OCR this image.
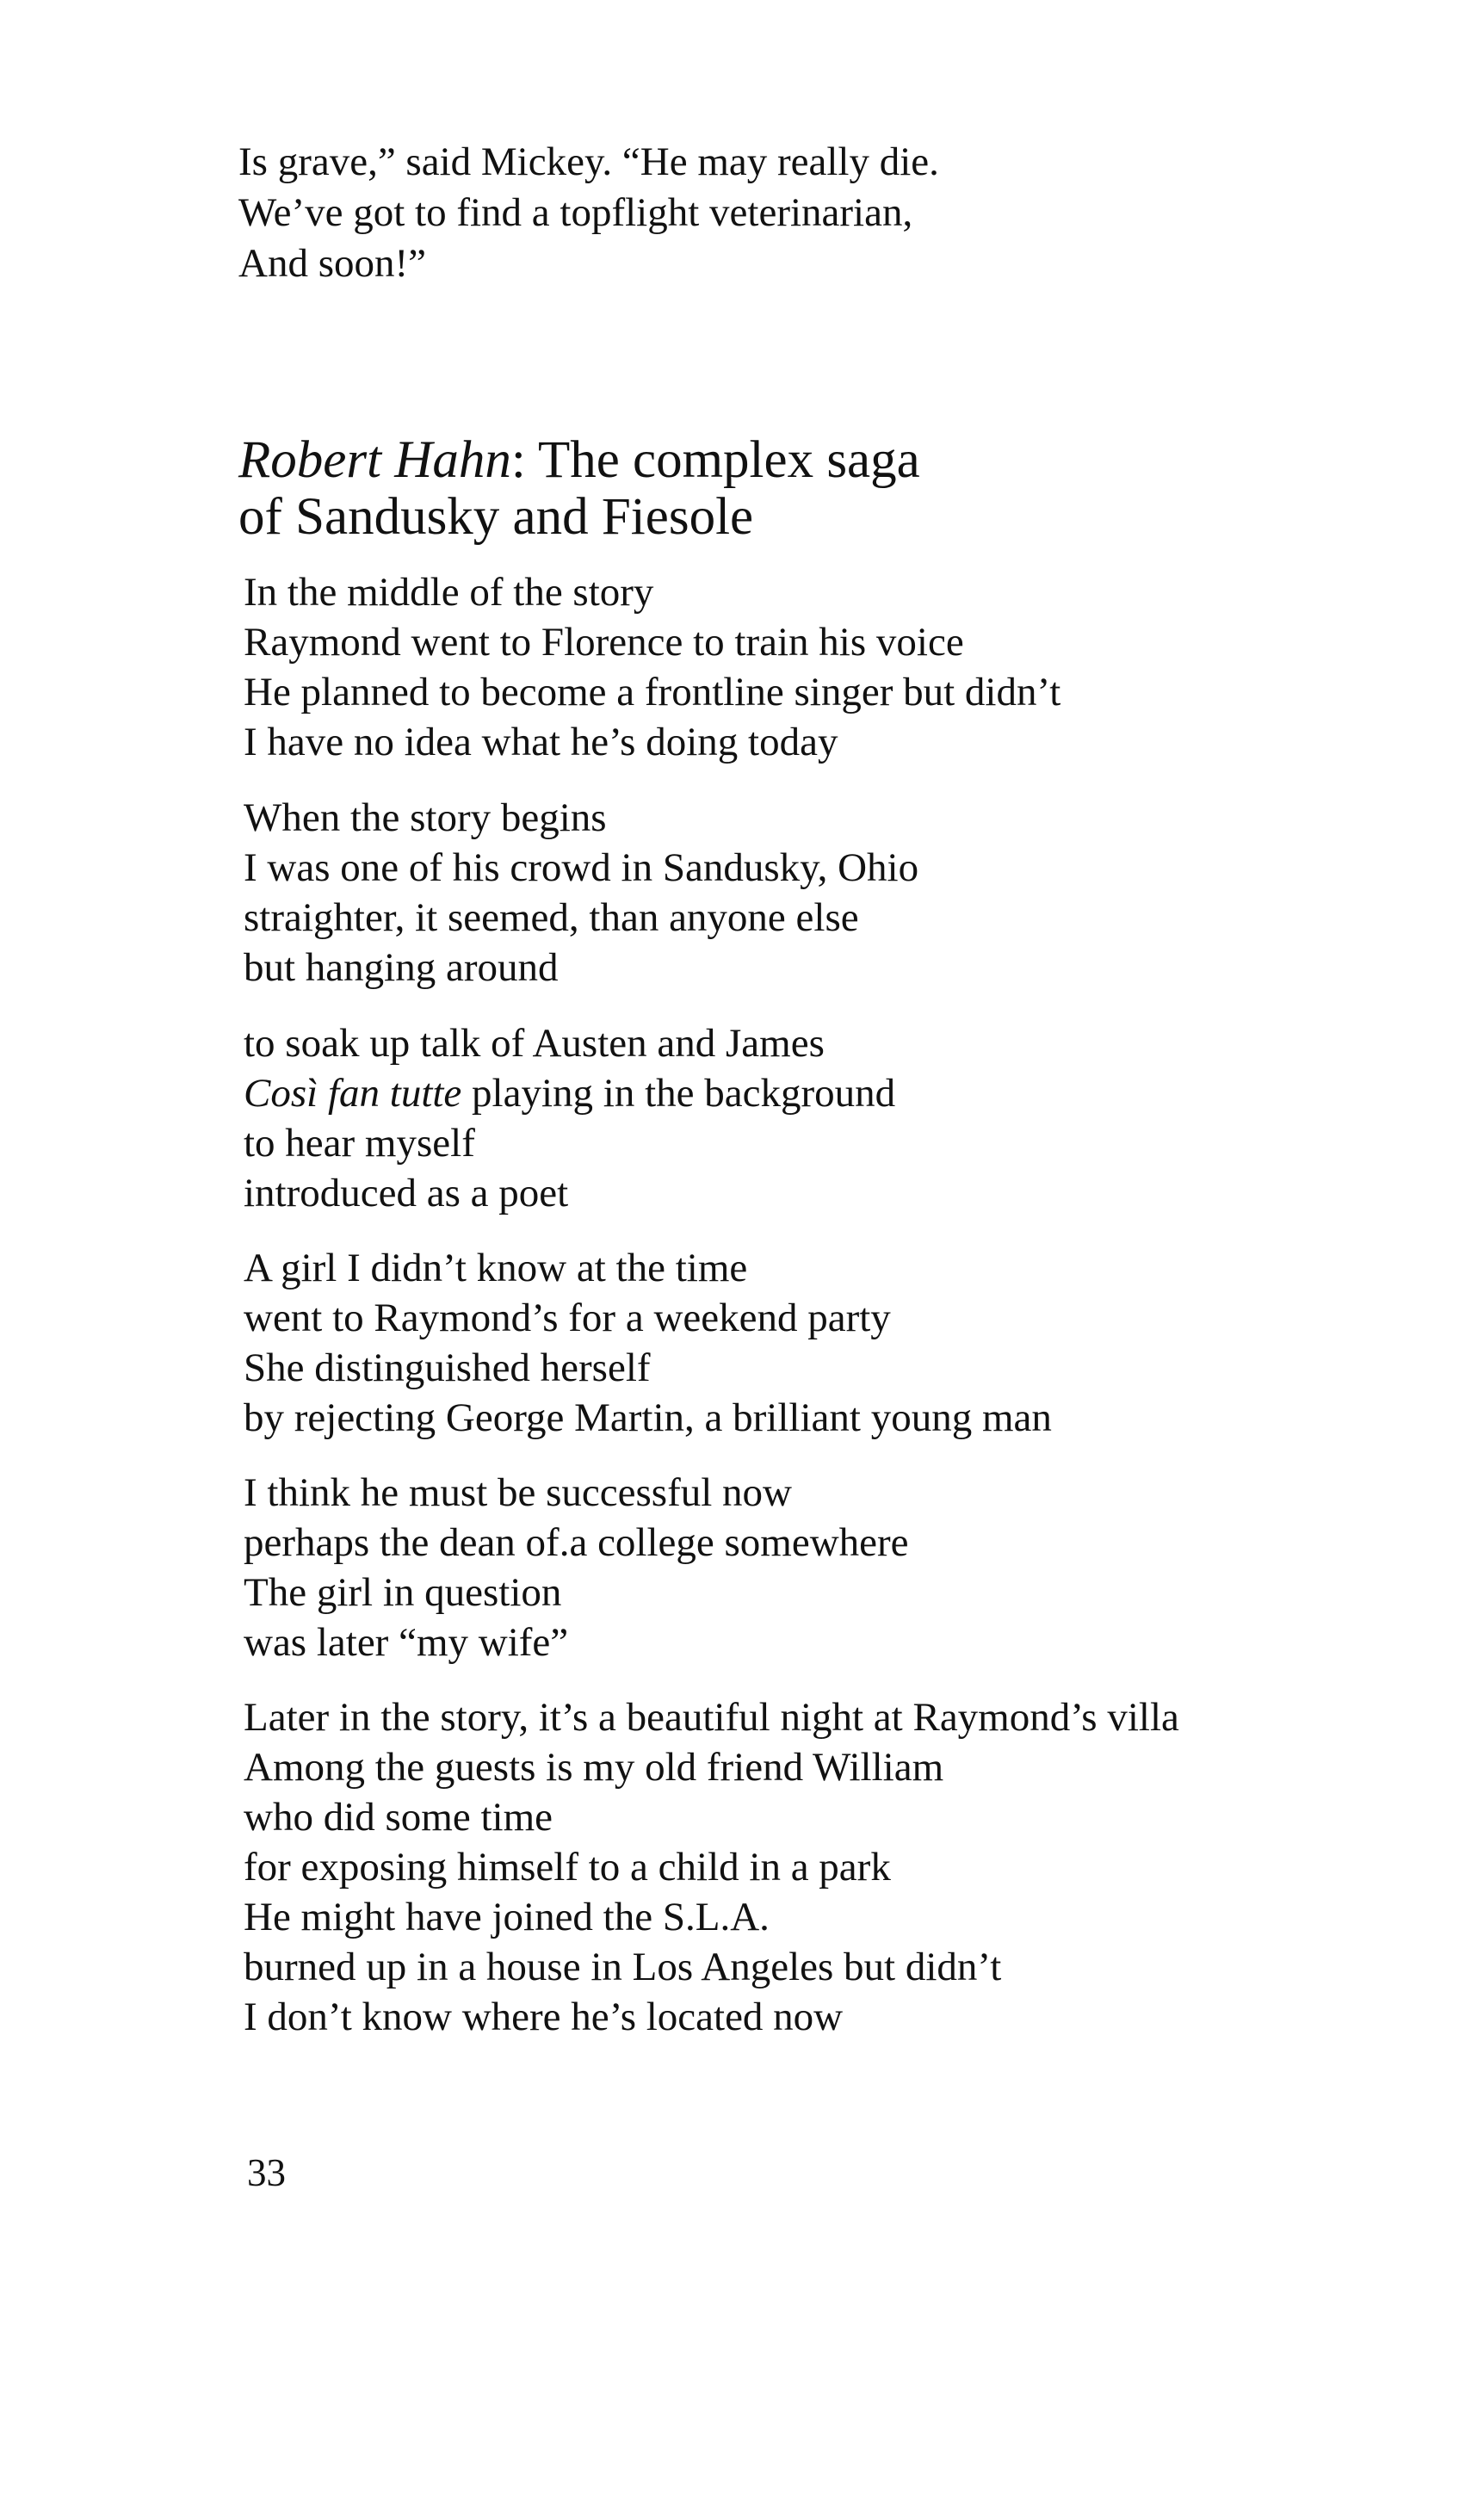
Is grave,” said Mickey. “He may really die.
We’ve got to find a topflight veterinarian,
And soon!”
Robert Hahn: The complex saga
of Sandusky and Fiesole
In the middle of the story
Raymond went to Florence to train his voice
He planned to become a frontline singer but didn’t
I have no idea what he’s doing today
When the story begins
I was one of his crowd in Sandusky, Ohio
straighter, it seemed, than anyone else
but hanging around
to soak up talk of Austen and James
Così fan tutte playing in the background
to hear myself
introduced as a poet
A girl I didn’t know at the time
went to Raymond’s for a weekend party
She distinguished herself
by rejecting George Martin, a brilliant young man
I think he must be successful now
perhaps the dean of.a college somewhere
The girl in question
was later “my wife”
Later in the story, it’s a beautiful night at Raymond’s villa
Among the guests is my old friend William
who did some time
for exposing himself to a child in a park
He might have joined the S.L.A.
burned up in a house in Los Angeles but didn’t
I don’t know where he’s located now
33
